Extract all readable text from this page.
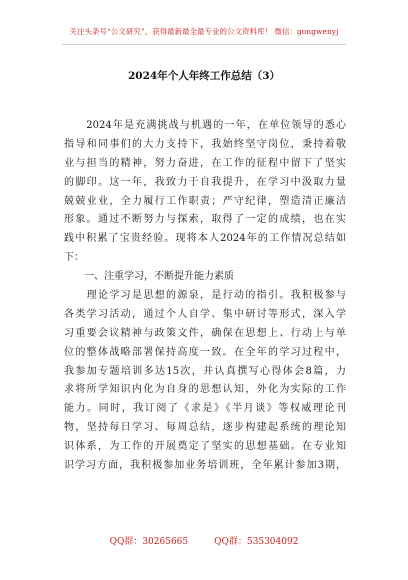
关注头条号“公文研究”，获得最新最全最专业的公文资料库！ 微信：gongwenyj
2024年个人年终工作总结（3）
　　2024年是充满挑战与机遇的一年，在单位领导的悉心
指导和同事们的大力支持下，我始终坚守岗位，秉持着敬
业与担当的精神，努力奋进，在工作的征程中留下了坚实
的脚印。这一年，我致力于自我提升，在学习中汲取力量
兢兢业业，全力履行工作职责；严守纪律，塑造清正廉洁
形象。通过不断努力与探索，取得了一定的成绩，也在实
践中积累了宝贵经验。现将本人2024年的工作情况总结如
下：
　　一、注重学习，不断提升能力素质
　　理论学习是思想的源泉，是行动的指引。我积极参与
各类学习活动，通过个人自学、集中研讨等形式，深入学
习重要会议精神与政策文件，确保在思想上、行动上与单
位的整体战略部署保持高度一致。在全年的学习过程中，
我参加专题培训多达15次，并认真撰写心得体会8篇，力
求将所学知识内化为自身的思想认知，外化为实际的工作
能力。同时，我订阅了《求是》《半月谈》等权威理论刊
物，坚持每日学习、每周总结，逐步构建起系统的理论知
识体系，为工作的开展奠定了坚实的思想基础。在专业知
识学习方面，我积极参加业务培训班，全年累计参加3期，
QQ群：30265665	QQ群：535304092
